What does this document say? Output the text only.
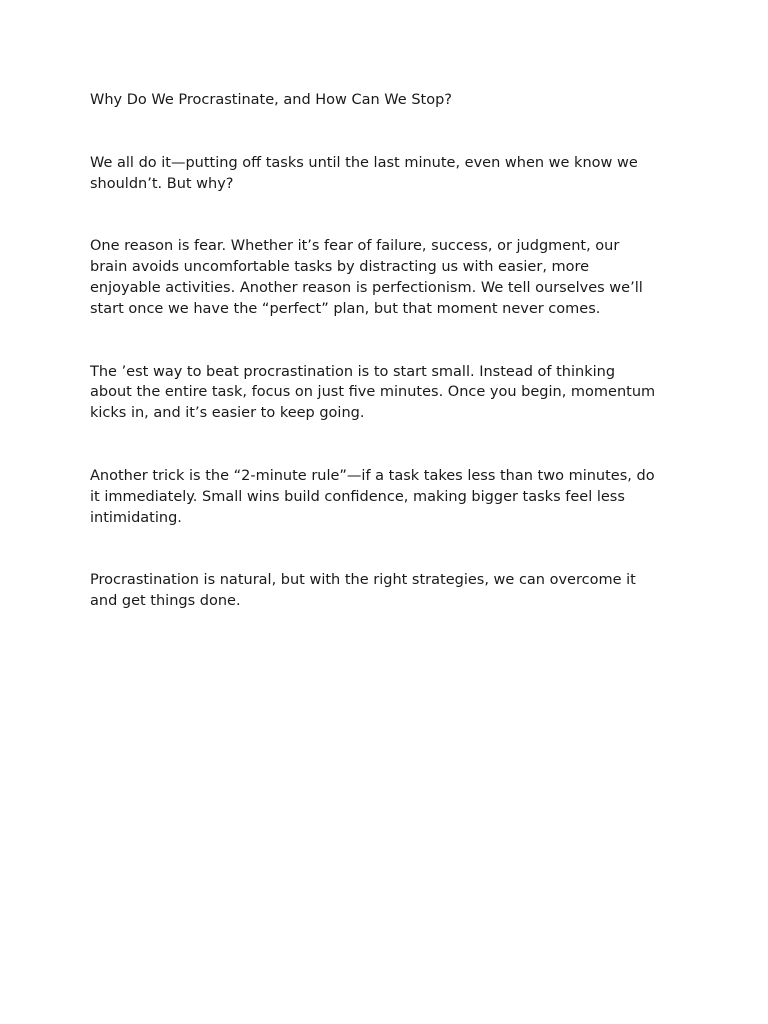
Why Do We Procrastinate, and How Can We Stop?

We all do it—putting off tasks until the last minute, even when we know we
shouldn’t. But why?

One reason is fear. Whether it’s fear of failure, success, or judgment, our
brain avoids uncomfortable tasks by distracting us with easier, more
enjoyable activities. Another reason is perfectionism. We tell ourselves we’ll
start once we have the “perfect” plan, but that moment never comes.

The ’est way to beat procrastination is to start small. Instead of thinking
about the entire task, focus on just five minutes. Once you begin, momentum
kicks in, and it’s easier to keep going.

Another trick is the “2-minute rule”—if a task takes less than two minutes, do
it immediately. Small wins build confidence, making bigger tasks feel less
intimidating.

Procrastination is natural, but with the right strategies, we can overcome it
and get things done.
